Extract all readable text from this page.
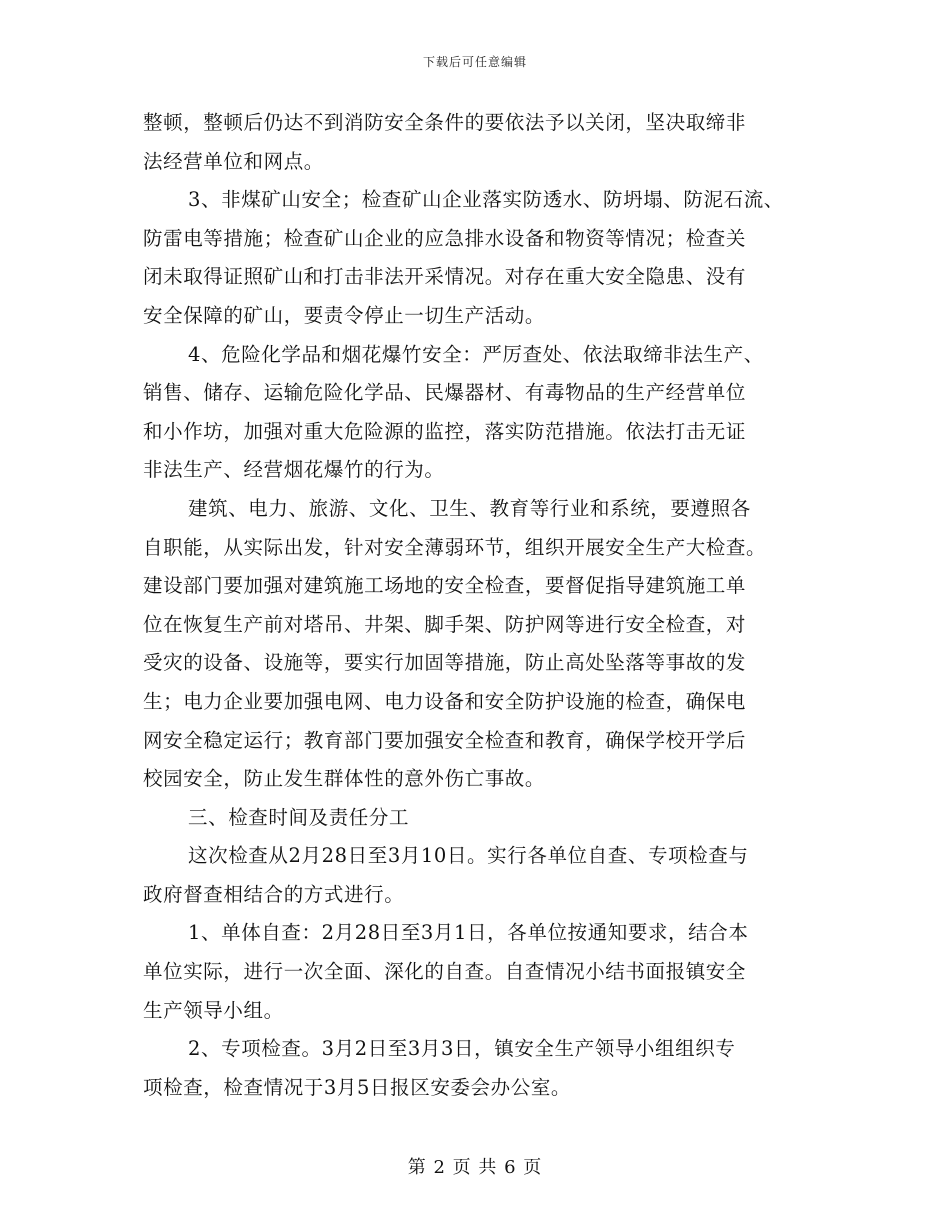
下载后可任意编辑
整顿，整顿后仍达不到消防安全条件的要依法予以关闭，坚决取缔非
法经营单位和网点。
3、非煤矿山安全；检查矿山企业落实防透水、防坍塌、防泥石流、
防雷电等措施；检查矿山企业的应急排水设备和物资等情况；检查关
闭未取得证照矿山和打击非法开采情况。对存在重大安全隐患、没有
安全保障的矿山，要责令停止一切生产活动。
4、危险化学品和烟花爆竹安全：严厉查处、依法取缔非法生产、
销售、储存、运输危险化学品、民爆器材、有毒物品的生产经营单位
和小作坊，加强对重大危险源的监控，落实防范措施。依法打击无证
非法生产、经营烟花爆竹的行为。
建筑、电力、旅游、文化、卫生、教育等行业和系统，要遵照各
自职能，从实际出发，针对安全薄弱环节，组织开展安全生产大检查。
建设部门要加强对建筑施工场地的安全检查，要督促指导建筑施工单
位在恢复生产前对塔吊、井架、脚手架、防护网等进行安全检查，对
受灾的设备、设施等，要实行加固等措施，防止高处坠落等事故的发
生；电力企业要加强电网、电力设备和安全防护设施的检查，确保电
网安全稳定运行；教育部门要加强安全检查和教育，确保学校开学后
校园安全，防止发生群体性的意外伤亡事故。
三、检查时间及责任分工
这次检查从2月28日至3月10日。实行各单位自查、专项检查与
政府督查相结合的方式进行。
1、单体自查：2月28日至3月1日，各单位按通知要求，结合本
单位实际，进行一次全面、深化的自查。自查情况小结书面报镇安全
生产领导小组。
2、专项检查。3月2日至3月3日，镇安全生产领导小组组织专
项检查，检查情况于3月5日报区安委会办公室。
第 2 页 共 6 页
